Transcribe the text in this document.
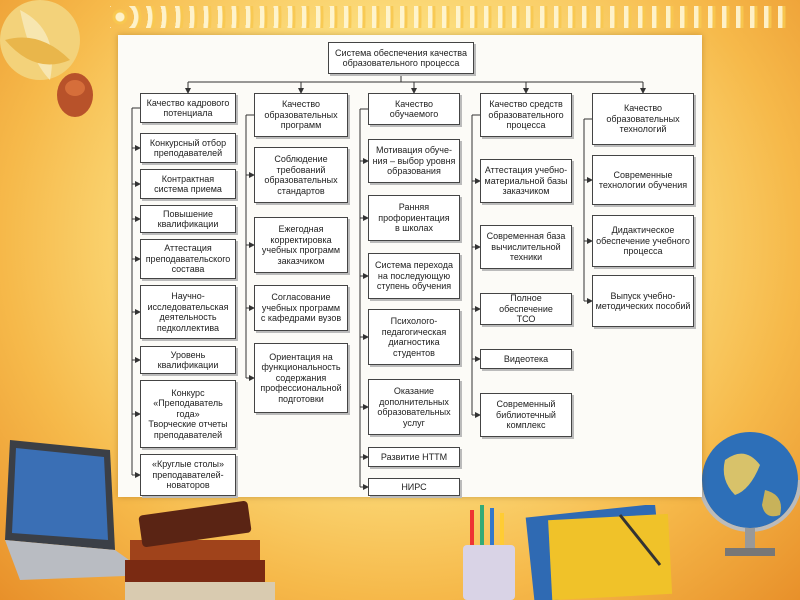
Система обеспечения качества
образовательного процесса
Качество кадрового
потенциала
Конкурсный отбор
преподавателей
Контрактная
система приема
Повышение
квалификации
Аттестация
преподавательского
состава
Научно-
исследовательская
деятельность
педколлектива
Уровень
квалификации
Конкурс
«Преподаватель
года»
Творческие отчеты
преподавателей
«Круглые столы»
преподавателей-
новаторов
Качество
образовательных
программ
Соблюдение
требований
образовательных
стандартов
Ежегодная
корректировка
учебных программ
заказчиком
Согласование
учебных программ
с кафедрами вузов
Ориентация на
функциональность
содержания
профессиональной
подготовки
Качество
обучаемого
Мотивация обуче-
ния – выбор уровня
образования
Ранняя
профориентация
в школах
Система перехода
на последующую
ступень обучения
Психолого-
педагогическая
диагностика
студентов
Оказание
дополнительных
образовательных
услуг
Развитие НТТМ
НИРС
Качество средств
образовательного
процесса
Аттестация учебно-
материальной базы
заказчиком
Современная база
вычислительной
техники
Полное обеспечение
ТСО
Видеотека
Современный
библиотечный
комплекс
Качество
образовательных
технологий
Современные
технологии обучения
Дидактическое
обеспечение учебного
процесса
Выпуск учебно-
методических пособий
